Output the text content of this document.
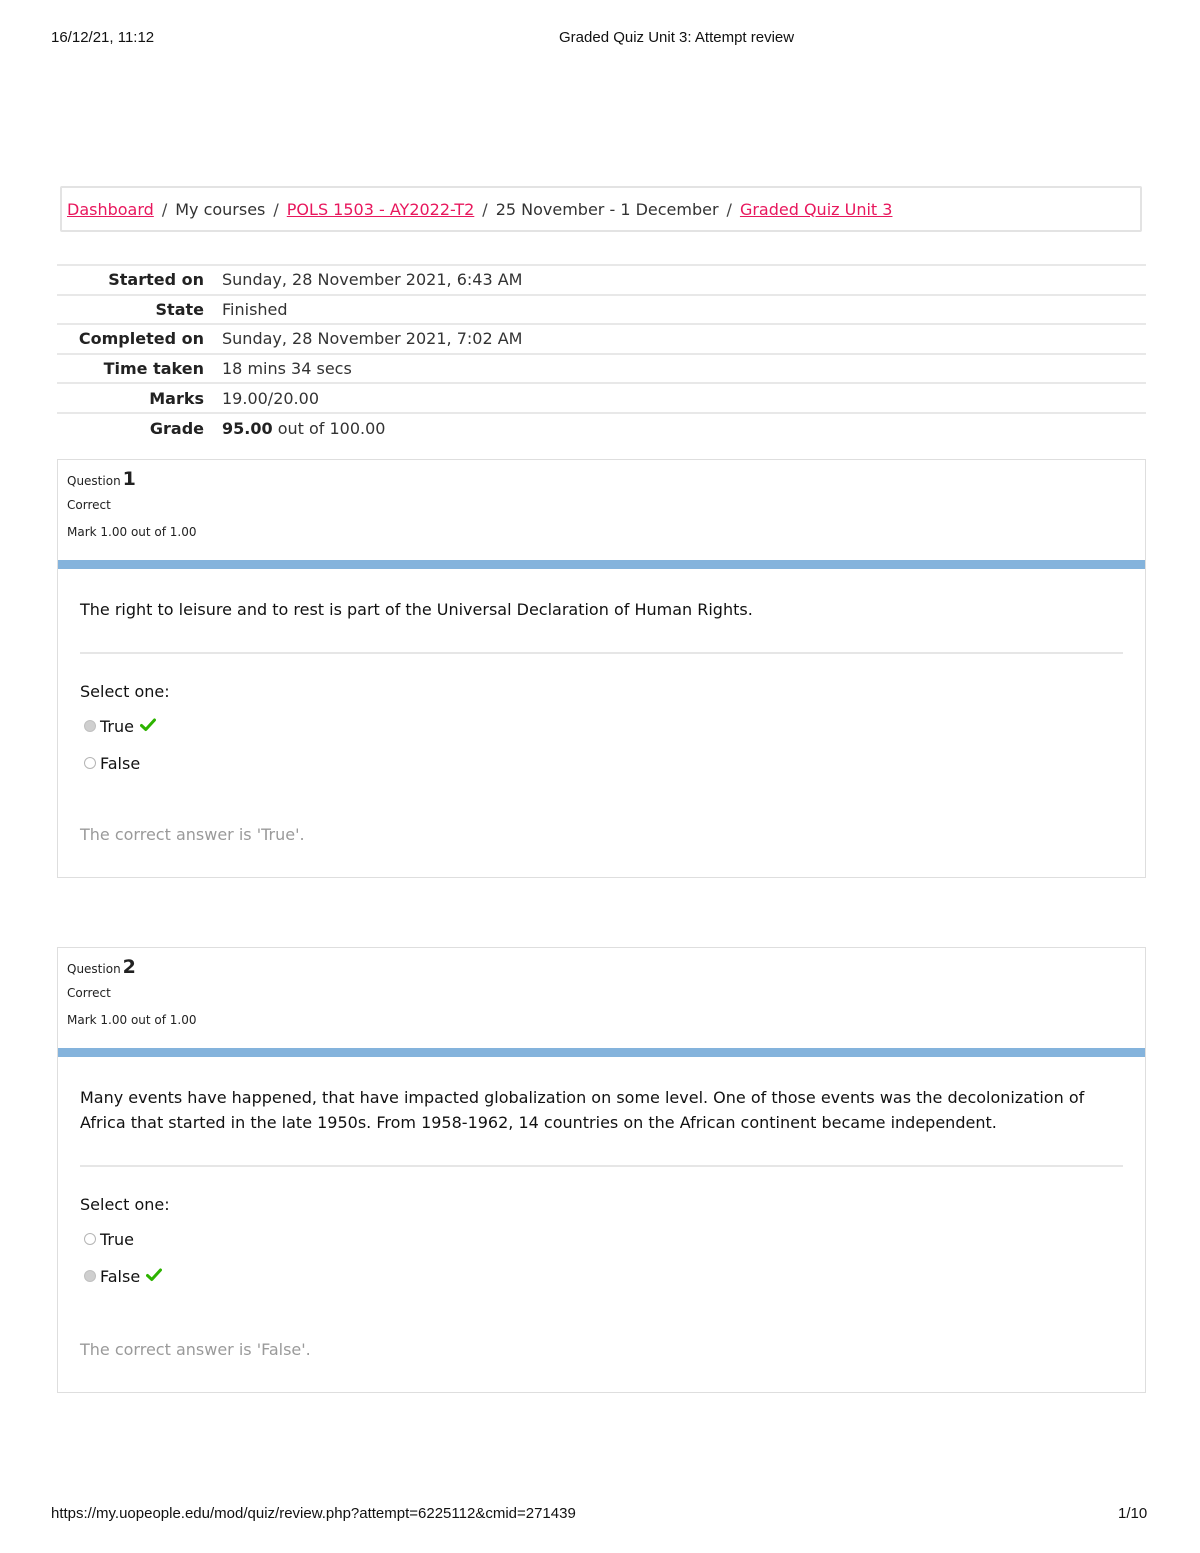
16/12/21, 11:12	Graded Quiz Unit 3: Attempt review
Dashboard / My courses / POLS 1503 - AY2022-T2 / 25 November - 1 December / Graded Quiz Unit 3
Started on	Sunday, 28 November 2021, 6:43 AM
State	Finished
Completed on	Sunday, 28 November 2021, 7:02 AM
Time taken	18 mins 34 secs
Marks	19.00/20.00
Grade	95.00 out of 100.00
Question 1
Correct
Mark 1.00 out of 1.00
The right to leisure and to rest is part of the Universal Declaration of Human Rights.
Select one:
True
False
The correct answer is 'True'.
Question 2
Correct
Mark 1.00 out of 1.00
Many events have happened, that have impacted globalization on some level. One of those events was the decolonization of Africa that started in the late 1950s. From 1958-1962, 14 countries on the African continent became independent.
Select one:
True
False
The correct answer is 'False'.
https://my.uopeople.edu/mod/quiz/review.php?attempt=6225112&cmid=271439	1/10
